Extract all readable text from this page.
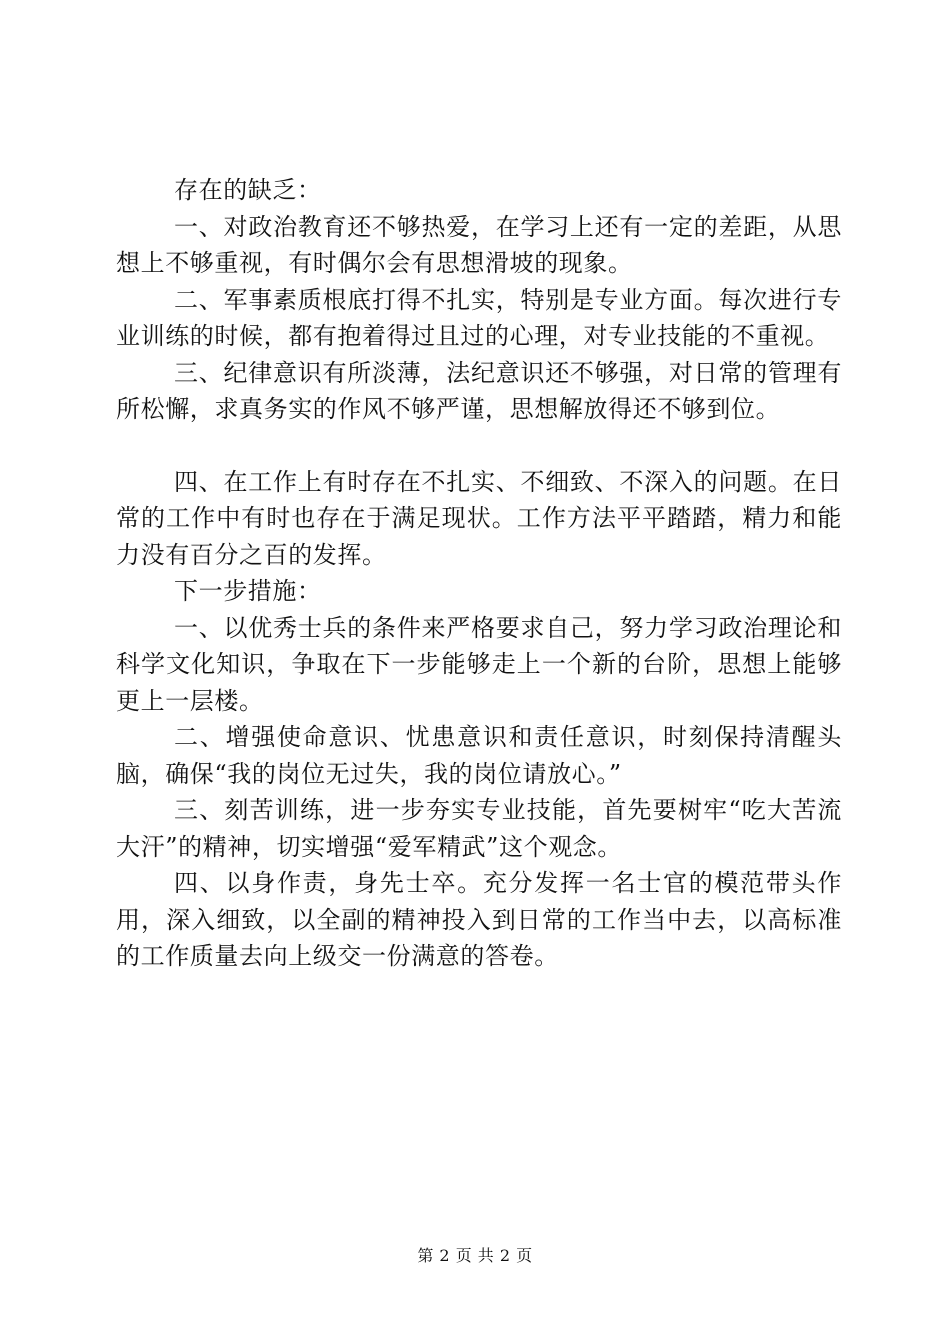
存在的缺乏：

一、对政治教育还不够热爱，在学习上还有一定的差距，从思想上不够重视，有时偶尔会有思想滑坡的现象。

二、军事素质根底打得不扎实，特别是专业方面。每次进行专业训练的时候，都有抱着得过且过的心理，对专业技能的不重视。

三、纪律意识有所淡薄，法纪意识还不够强，对日常的管理有所松懈，求真务实的作风不够严谨，思想解放得还不够到位。

四、在工作上有时存在不扎实、不细致、不深入的问题。在日常的工作中有时也存在于满足现状。工作方法平平踏踏，精力和能力没有百分之百的发挥。

下一步措施：

一、以优秀士兵的条件来严格要求自己，努力学习政治理论和科学文化知识，争取在下一步能够走上一个新的台阶，思想上能够更上一层楼。

二、增强使命意识、忧患意识和责任意识，时刻保持清醒头脑，确保“我的岗位无过失，我的岗位请放心。”

三、刻苦训练，进一步夯实专业技能，首先要树牢“吃大苦流大汗”的精神，切实增强“爱军精武”这个观念。

四、以身作责，身先士卒。充分发挥一名士官的模范带头作用，深入细致，以全副的精神投入到日常的工作当中去，以高标准的工作质量去向上级交一份满意的答卷。

第 2 页 共 2 页
